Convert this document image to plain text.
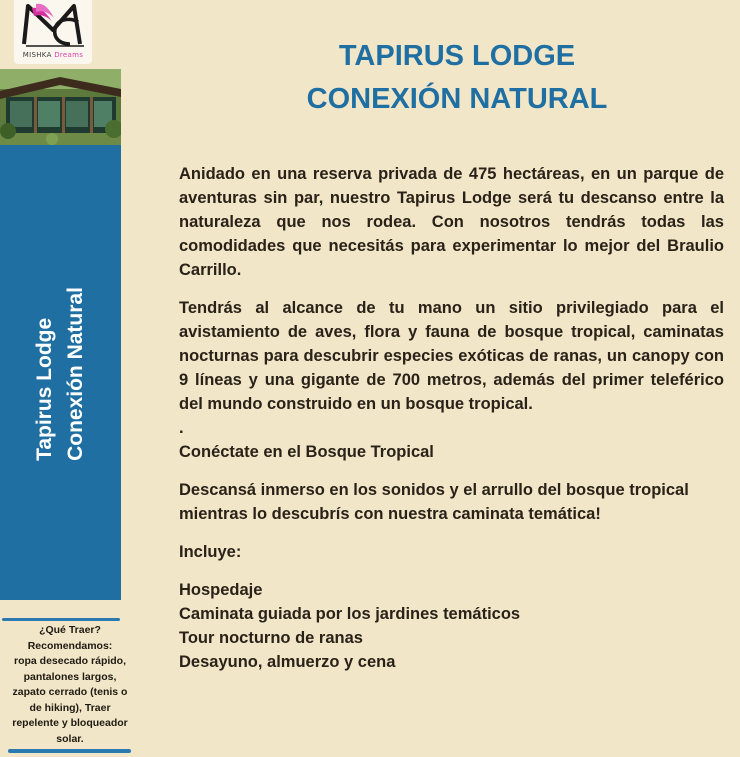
MISHKA Dreams
Tapirus Lodge Conexión Natural
¿Qué Traer?
Recomendamos:
ropa desecado rápido,
pantalones largos,
zapato cerrado (tenis o
de hiking), Traer
repelente y bloqueador
solar.
TAPIRUS LODGE
CONEXIÓN NATURAL

Anidado en una reserva privada de 475 hectáreas, en un parque de aventuras sin par, nuestro Tapirus Lodge será tu descanso entre la naturaleza que nos rodea. Con nosotros tendrás todas las comodidades que necesitás para experimentar lo mejor del Braulio Carrillo.

Tendrás al alcance de tu mano un sitio privilegiado para el avistamiento de aves, flora y fauna de bosque tropical, caminatas nocturnas para descubrir especies exóticas de ranas, un canopy con 9 líneas y una gigante de 700 metros, además del primer teleférico del mundo construido en un bosque tropical.

.

Conéctate en el Bosque Tropical

Descansá inmerso en los sonidos y el arrullo del bosque tropical mientras lo descubrís con nuestra caminata temática!

Incluye:

Hospedaje
Caminata guiada por los jardines temáticos
Tour nocturno de ranas
Desayuno, almuerzo y cena
